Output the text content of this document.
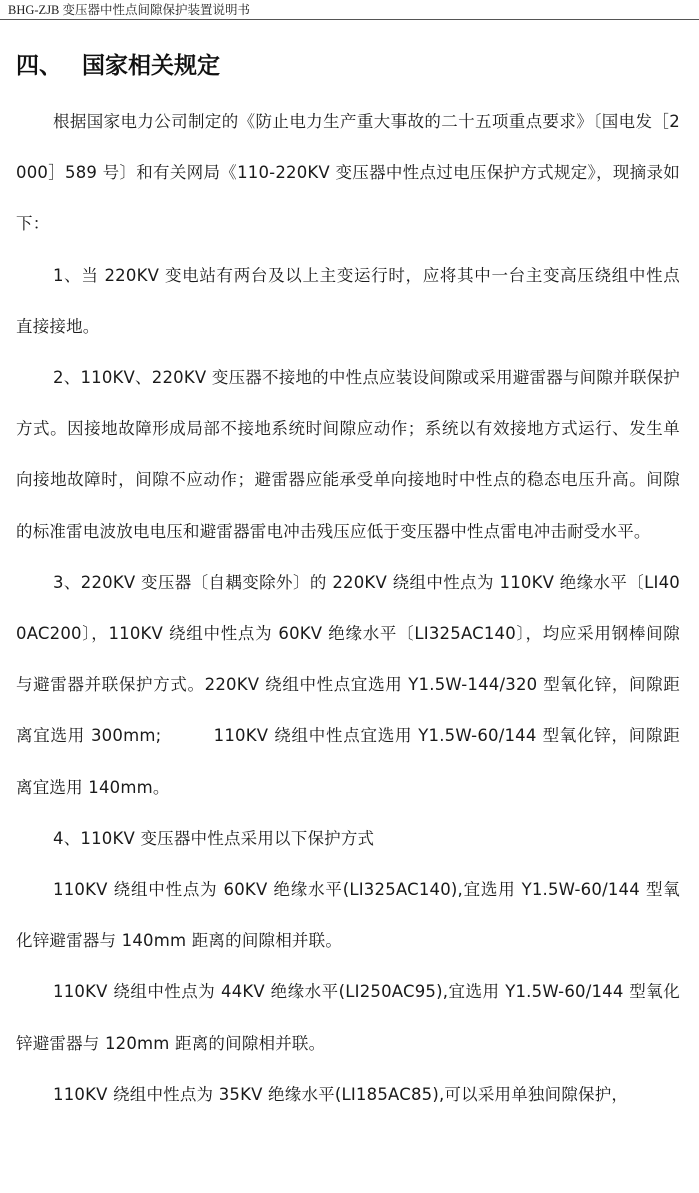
BHG-ZJB 变压器中性点间隙保护装置说明书
四、 国家相关规定

根据国家电力公司制定的《防止电力生产重大事故的二十五项重点要求》〔国电发［2000］589 号〕和有关网局《110-220KV 变压器中性点过电压保护方式规定》，现摘录如下：

1、当 220KV 变电站有两台及以上主变运行时，应将其中一台主变高压绕组中性点直接接地。

2、110KV、220KV 变压器不接地的中性点应装设间隙或采用避雷器与间隙并联保护方式。因接地故障形成局部不接地系统时间隙应动作；系统以有效接地方式运行、发生单向接地故障时，间隙不应动作；避雷器应能承受单向接地时中性点的稳态电压升高。间隙的标准雷电波放电电压和避雷器雷电冲击残压应低于变压器中性点雷电冲击耐受水平。

3、220KV 变压器〔自耦变除外〕的 220KV 绕组中性点为 110KV 绝缘水平〔LI400AC200〕，110KV 绕组中性点为 60KV 绝缘水平〔LI325AC140〕，均应采用钢棒间隙与避雷器并联保护方式。220KV 绕组中性点宜选用 Y1.5W-144/320 型氧化锌，间隙距离宜选用 300mm;　　　110KV 绕组中性点宜选用 Y1.5W-60/144 型氧化锌，间隙距离宜选用 140mm。

4、110KV 变压器中性点采用以下保护方式

110KV 绕组中性点为 60KV 绝缘水平(LI325AC140),宜选用 Y1.5W-60/144 型氧化锌避雷器与 140mm 距离的间隙相并联。

110KV 绕组中性点为 44KV 绝缘水平(LI250AC95),宜选用 Y1.5W-60/144 型氧化锌避雷器与 120mm 距离的间隙相并联。

110KV 绕组中性点为 35KV 绝缘水平(LI185AC85),可以采用单独间隙保护，
